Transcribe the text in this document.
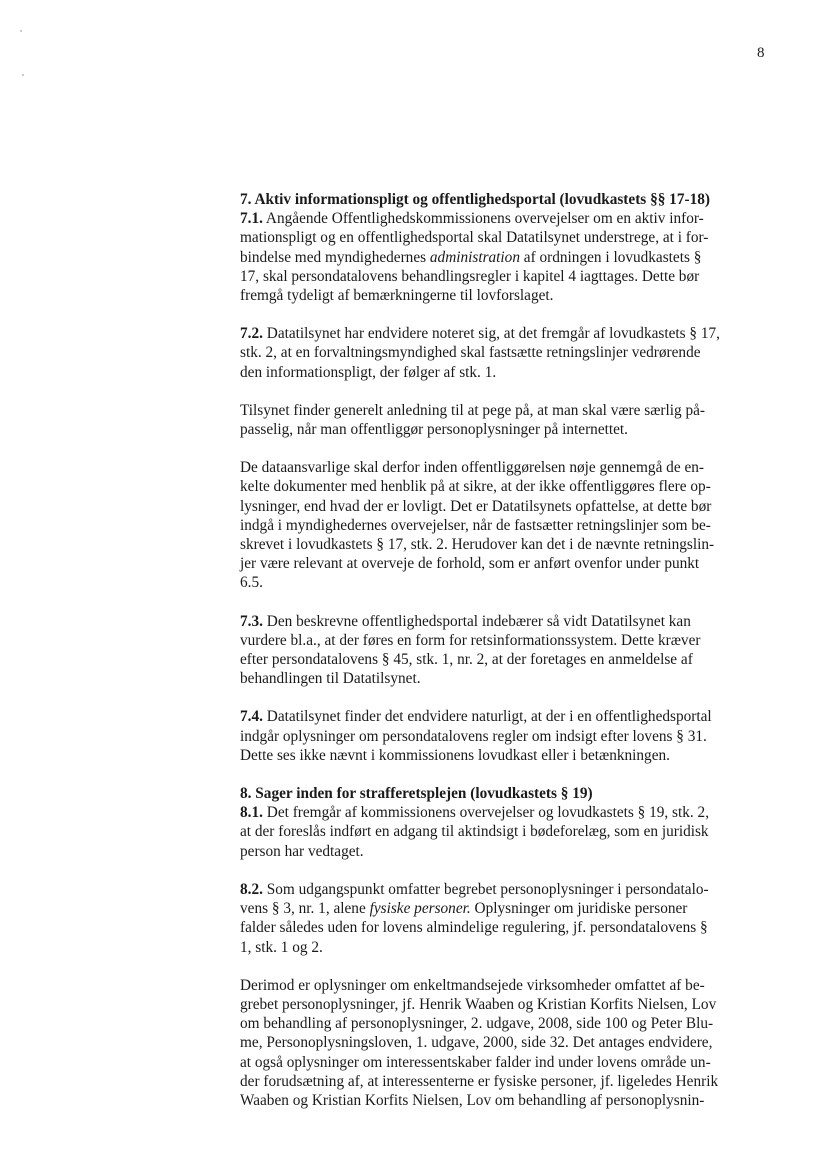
8

7. Aktiv informationspligt og offentlighedsportal (lovudkastets §§ 17-18)

7.1. Angående Offentlighedskommissionens overvejelser om en aktiv infor-
mationspligt og en offentlighedsportal skal Datatilsynet understrege, at i for-
bindelse med myndighedernes administration af ordningen i lovudkastets §
17, skal persondatalovens behandlingsregler i kapitel 4 iagttages. Dette bør
fremgå tydeligt af bemærkningerne til lovforslaget.

7.2. Datatilsynet har endvidere noteret sig, at det fremgår af lovudkastets § 17,
stk. 2, at en forvaltningsmyndighed skal fastsætte retningslinjer vedrørende
den informationspligt, der følger af stk. 1.

Tilsynet finder generelt anledning til at pege på, at man skal være særlig på-
passelig, når man offentliggør personoplysninger på internettet.

De dataansvarlige skal derfor inden offentliggørelsen nøje gennemgå de en-
kelte dokumenter med henblik på at sikre, at der ikke offentliggøres flere op-
lysninger, end hvad der er lovligt. Det er Datatilsynets opfattelse, at dette bør
indgå i myndighedernes overvejelser, når de fastsætter retningslinjer som be-
skrevet i lovudkastets § 17, stk. 2. Herudover kan det i de nævnte retningslin-
jer være relevant at overveje de forhold, som er anført ovenfor under punkt
6.5.

7.3. Den beskrevne offentlighedsportal indebærer så vidt Datatilsynet kan
vurdere bl.a., at der føres en form for retsinformationssystem. Dette kræver
efter persondatalovens § 45, stk. 1, nr. 2, at der foretages en anmeldelse af
behandlingen til Datatilsynet.

7.4. Datatilsynet finder det endvidere naturligt, at der i en offentlighedsportal
indgår oplysninger om persondatalovens regler om indsigt efter lovens § 31.
Dette ses ikke nævnt i kommissionens lovudkast eller i betænkningen.

8. Sager inden for strafferetsplejen (lovudkastets § 19)

8.1. Det fremgår af kommissionens overvejelser og lovudkastets § 19, stk. 2,
at der foreslås indført en adgang til aktindsigt i bødeforelæg, som en juridisk
person har vedtaget.

8.2. Som udgangspunkt omfatter begrebet personoplysninger i persondatalo-
vens § 3, nr. 1, alene fysiske personer. Oplysninger om juridiske personer
falder således uden for lovens almindelige regulering, jf. persondatalovens §
1, stk. 1 og 2.

Derimod er oplysninger om enkeltmandsejede virksomheder omfattet af be-
grebet personoplysninger, jf. Henrik Waaben og Kristian Korfits Nielsen, Lov
om behandling af personoplysninger, 2. udgave, 2008, side 100 og Peter Blu-
me, Personoplysningsloven, 1. udgave, 2000, side 32. Det antages endvidere,
at også oplysninger om interessentskaber falder ind under lovens område un-
der forudsætning af, at interessenterne er fysiske personer, jf. ligeledes Henrik
Waaben og Kristian Korfits Nielsen, Lov om behandling af personoplysnin-
